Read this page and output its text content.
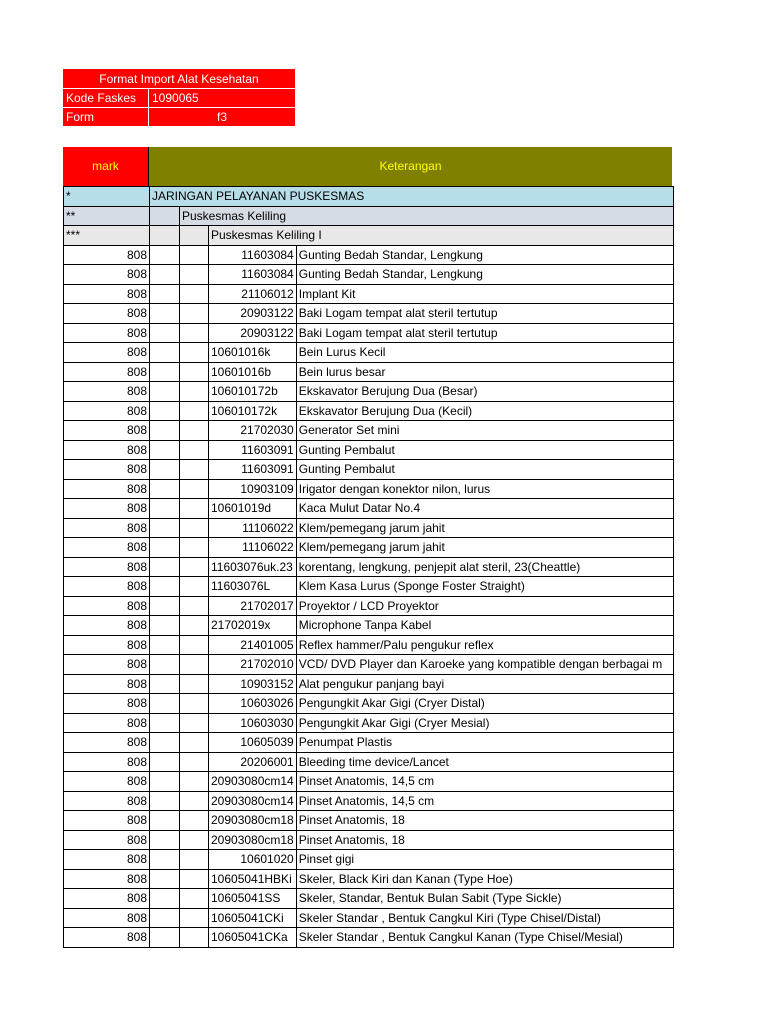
Format Import Alat Kesehatan
Kode Faskes	1090065
Form	f3
mark	Keterangan
*	JARINGAN PELAYANAN PUSKESMAS			
**		Puskesmas Keliling		
***			Puskesmas Keliling I	
808			11603084	Gunting Bedah Standar, Lengkung
808			11603084	Gunting Bedah Standar, Lengkung
808			21106012	Implant Kit
808			20903122	Baki Logam tempat alat steril tertutup
808			20903122	Baki Logam tempat alat steril tertutup
808			10601016k	Bein Lurus Kecil
808			10601016b	Bein lurus besar
808			106010172b	Ekskavator Berujung Dua (Besar)
808			106010172k	Ekskavator Berujung Dua (Kecil)
808			21702030	Generator Set mini
808			11603091	Gunting Pembalut
808			11603091	Gunting Pembalut
808			10903109	Irigator dengan konektor nilon, lurus
808			10601019d	Kaca Mulut Datar No.4
808			11106022	Klem/pemegang jarum jahit
808			11106022	Klem/pemegang jarum jahit
808			11603076uk.23	korentang, lengkung, penjepit alat steril, 23(Cheattle)
808			11603076L	Klem Kasa Lurus (Sponge Foster Straight)
808			21702017	Proyektor / LCD Proyektor
808			21702019x	Microphone Tanpa Kabel
808			21401005	Reflex hammer/Palu pengukur reflex
808			21702010	VCD/ DVD Player dan Karoeke yang kompatible dengan berbagai m
808			10903152	Alat pengukur panjang bayi
808			10603026	Pengungkit Akar Gigi (Cryer Distal)
808			10603030	Pengungkit Akar Gigi (Cryer Mesial)
808			10605039	Penumpat Plastis
808			20206001	Bleeding time device/Lancet
808			20903080cm14	Pinset Anatomis, 14,5 cm
808			20903080cm14	Pinset Anatomis, 14,5 cm
808			20903080cm18	Pinset Anatomis, 18
808			20903080cm18	Pinset Anatomis, 18
808			10601020	Pinset gigi
808			10605041HBKi	Skeler, Black Kiri dan Kanan (Type Hoe)
808			10605041SS	Skeler, Standar, Bentuk Bulan Sabit (Type Sickle)
808			10605041CKi	Skeler Standar , Bentuk Cangkul Kiri (Type Chisel/Distal)
808			10605041CKa	Skeler Standar , Bentuk Cangkul Kanan (Type Chisel/Mesial)
